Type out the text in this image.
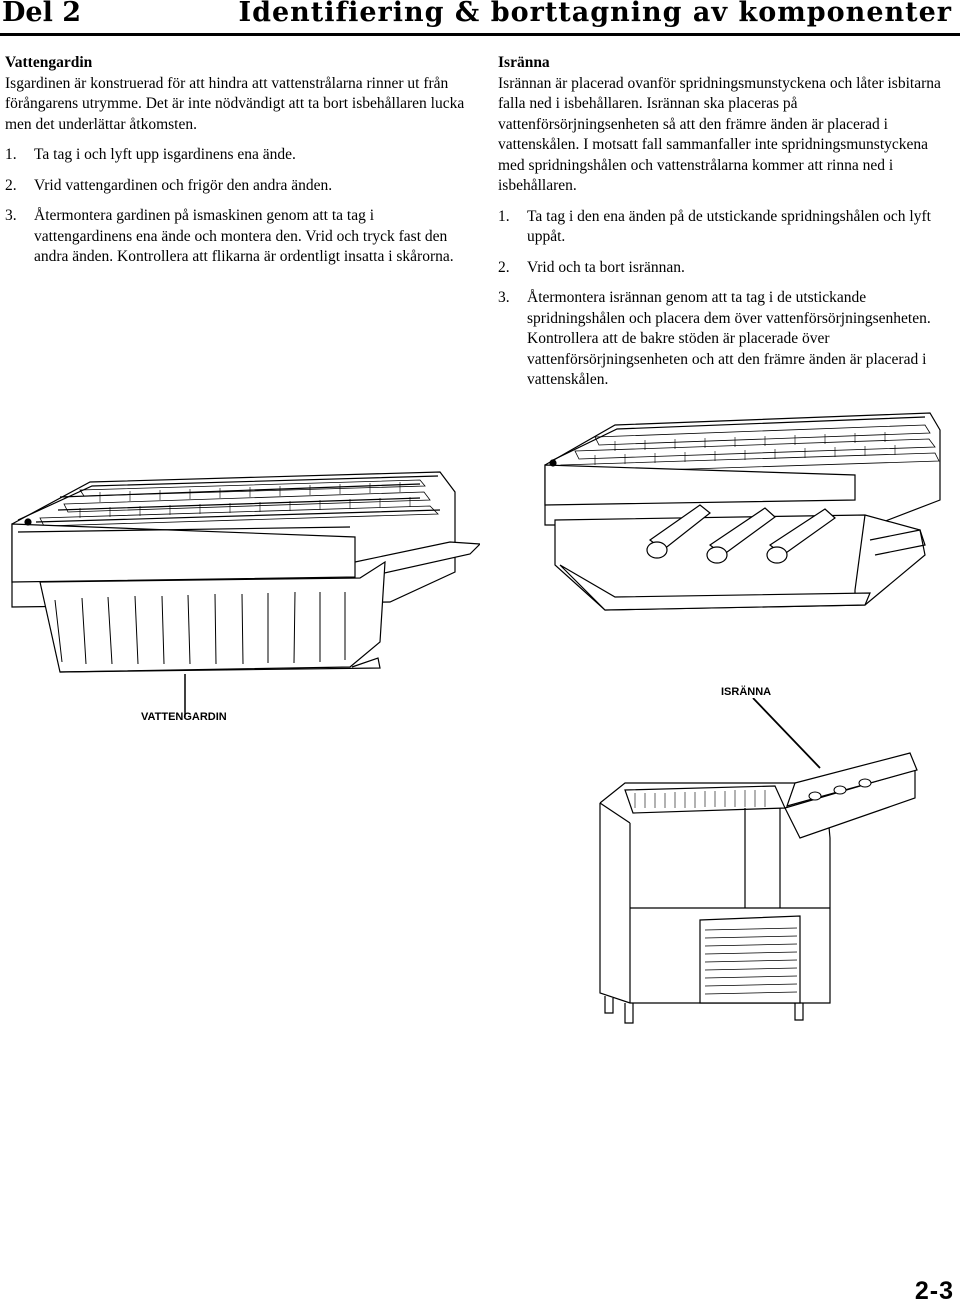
Del 2	Identifiering & borttagning av komponenter

Vattengardin

Isgardinen är konstruerad för att hindra att vattenstrålarna rinner ut från förångarens utrymme. Det är inte nödvändigt att ta bort isbehållaren lucka men det underlättar åtkomsten.

1.	Ta tag i och lyft upp isgardinens ena ände.
2.	Vrid vattengardinen och frigör den andra änden.
3.	Återmontera gardinen på ismaskinen genom att ta tag i vattengardinens ena ände och montera den. Vrid och tryck fast den andra änden. Kontrollera att flikarna är ordentligt insatta i skårorna.

Isränna

Isrännan är placerad ovanför spridningsmunstyckena och låter isbitarna falla ned i isbehållaren. Isrännan ska placeras på vattenförsörjningsenheten så att den främre änden är placerad i vattenskålen. I motsatt fall sammanfaller inte spridningsmunstyckena med spridningshålen och vattenstrålarna kommer att rinna ned i isbehållaren.

1.	Ta tag i den ena änden på de utstickande spridningshålen och lyft uppåt.
2.	Vrid och ta bort isrännan.
3.	Återmontera isrännan genom att ta tag i de utstickande spridningshålen och placera dem över vattenförsörjningsenheten. Kontrollera att de bakre stöden är placerade över vattenförsörjningsenheten och att den främre änden är placerad i vattenskålen.
VATTENGARDIN
ISRÄNNA
2-3
